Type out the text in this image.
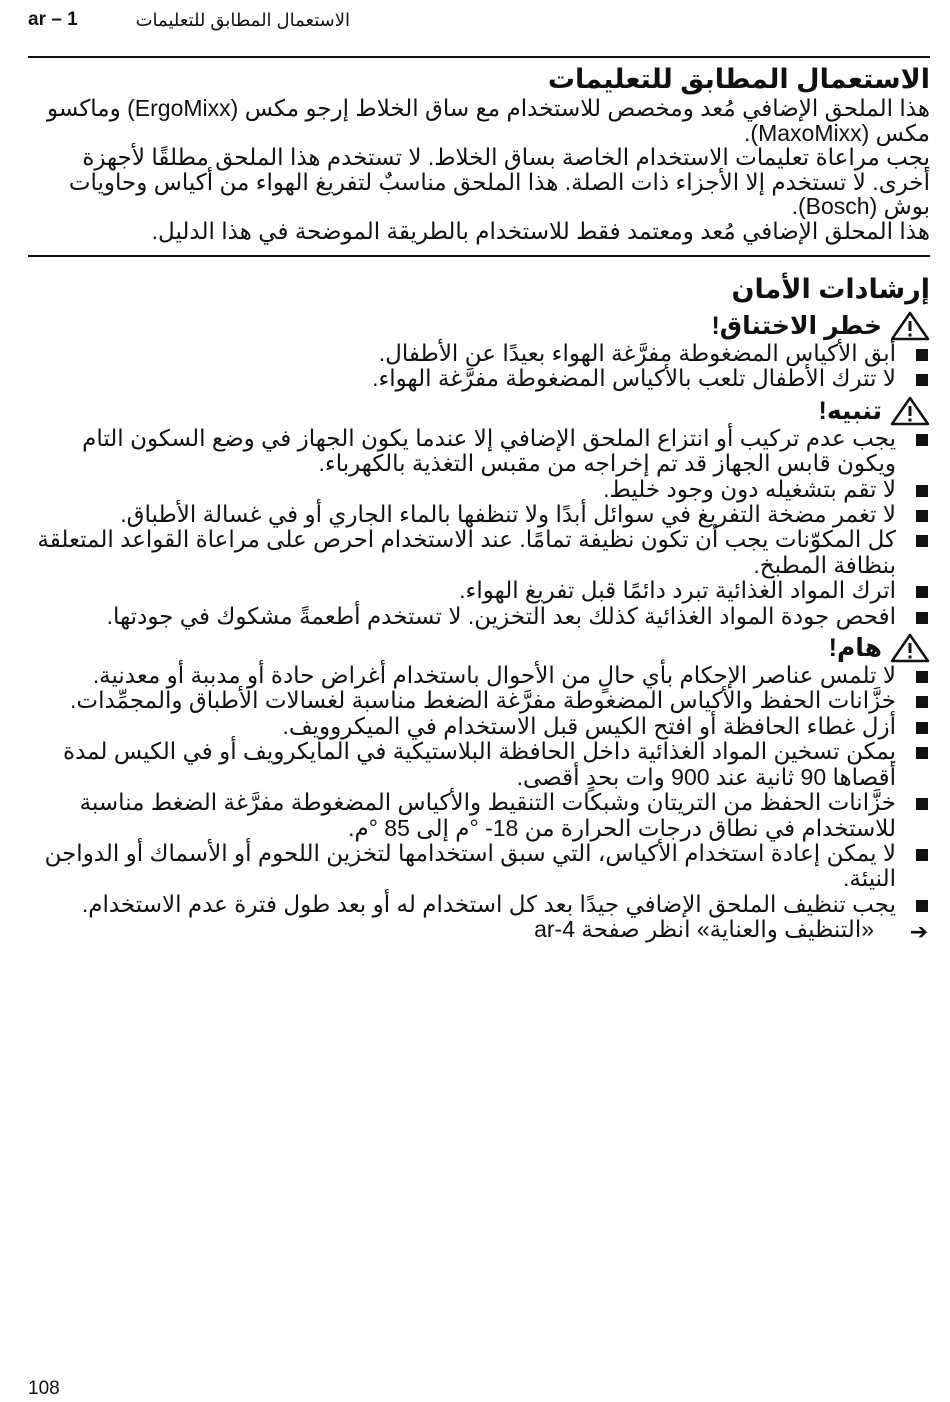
ar – 1	الاستعمال المطابق للتعليمات
الاستعمال المطابق للتعليمات

هذا الملحق الإضافي مُعد ومخصص للاستخدام مع ساق الخلاط إرجو مكس (ErgoMixx) وماكسو مكس (MaxoMixx).

يجب مراعاة تعليمات الاستخدام الخاصة بساق الخلاط. لا تستخدم هذا الملحق مطلقًا لأجهزة أخرى. لا تستخدم إلا الأجزاء ذات الصلة. هذا الملحق مناسبٌ لتفريغ الهواء من أكياس وحاويات بوش (Bosch).

هذا المحلق الإضافي مُعد ومعتمد فقط للاستخدام بالطريقة الموضحة في هذا الدليل.

إرشادات الأمان
خطر الاختناق!
أبق الأكياس المضغوطة مفرَّغة الهواء بعيدًا عن الأطفال.
لا تترك الأطفال تلعب بالأكياس المضغوطة مفرَّغة الهواء.
تنبيه!
يجب عدم تركيب أو انتزاع الملحق الإضافي إلا عندما يكون الجهاز في وضع السكون التام ويكون قابس الجهاز قد تم إخراجه من مقبس التغذية بالكهرباء.
لا تقم بتشغيله دون وجود خليط.
لا تغمر مضخة التفريغ في سوائل أبدًا ولا تنظفها بالماء الجاري أو في غسالة الأطباق.
كل المكوّنات يجب أن تكون نظيفة تمامًا. عند الاستخدام احرص على مراعاة القواعد المتعلقة بنظافة المطبخ.
اترك المواد الغذائية تبرد دائمًا قبل تفريغ الهواء.
افحص جودة المواد الغذائية كذلك بعد التخزين. لا تستخدم أطعمةً مشكوك في جودتها.
هام!
لا تلمس عناصر الإحكام بأي حالٍ من الأحوال باستخدام أغراض حادة أو مدببة أو معدنية.
خزَّانات الحفظ والأكياس المضغوطة مفرَّغة الضغط مناسبة لغسالات الأطباق والمجمِّدات.
أزل غطاء الحافظة أو افتح الكيس قبل الاستخدام في الميكروويف.
يمكن تسخين المواد الغذائية داخل الحافظة البلاستيكية في المايكرويف أو في الكيس لمدة أقصاها 90 ثانية عند 900 وات بحدٍ أقصى.
خزَّانات الحفظ من التريتان وشبكات التنقيط والأكياس المضغوطة مفرَّغة الضغط مناسبة للاستخدام في نطاق درجات الحرارة من 18- °م إلى 85 °م.
لا يمكن إعادة استخدام الأكياس، التي سبق استخدامها لتخزين اللحوم أو الأسماك أو الدواجن النيئة.
يجب تنظيف الملحق الإضافي جيدًا بعد كل استخدام له أو بعد طول فترة عدم الاستخدام.
➔
«التنظيف والعناية» انظر صفحة ar-4
108
